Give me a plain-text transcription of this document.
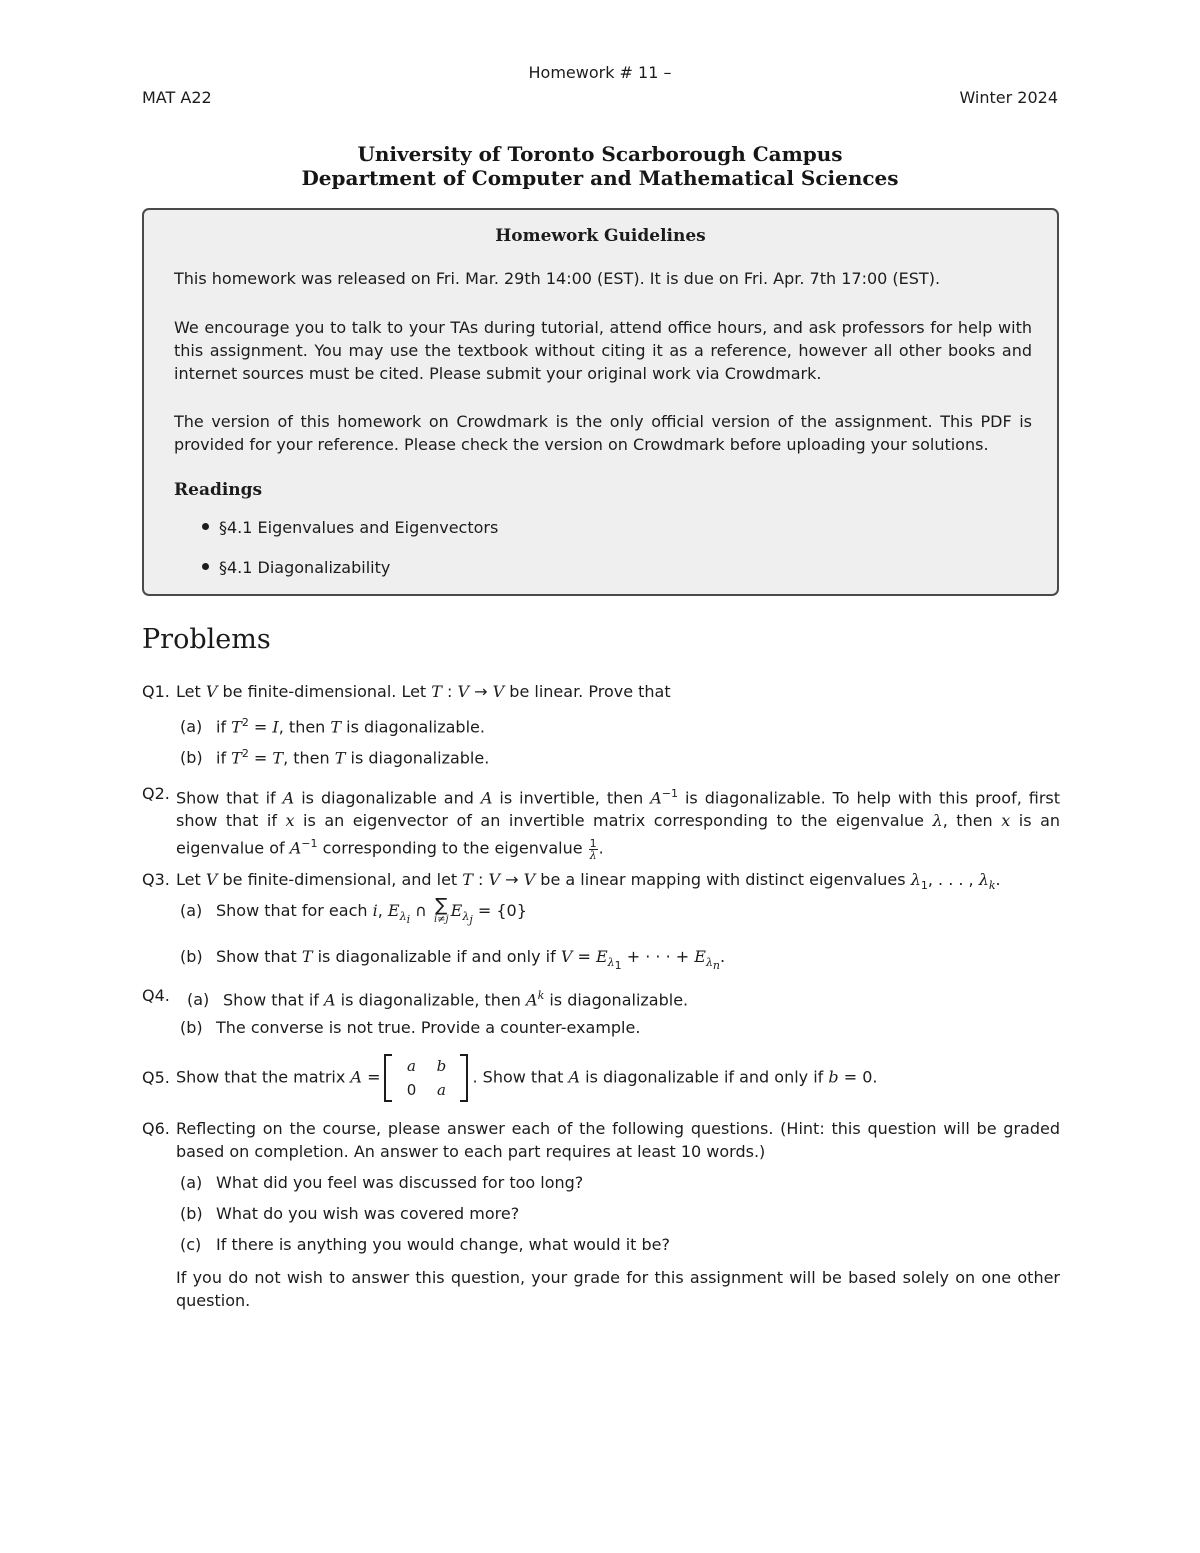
Homework # 11 –
MAT A22	Winter 2024
University of Toronto Scarborough Campus
Department of Computer and Mathematical Sciences
Homework Guidelines
This homework was released on Fri. Mar. 29th 14:00 (EST). It is due on Fri. Apr. 7th 17:00 (EST).
We encourage you to talk to your TAs during tutorial, attend office hours, and ask professors for help with this assignment. You may use the textbook without citing it as a reference, however all other books and internet sources must be cited. Please submit your original work via Crowdmark.
The version of this homework on Crowdmark is the only official version of the assignment. This PDF is provided for your reference. Please check the version on Crowdmark before uploading your solutions.
Readings
§4.1 Eigenvalues and Eigenvectors
§4.1 Diagonalizability
Problems
Q1. Let V be finite-dimensional. Let T : V → V be linear. Prove that
(a) if $T^2 = I$, then T is diagonalizable.
(b) if $T^2 = T$, then T is diagonalizable.
Q2. Show that if A is diagonalizable and A is invertible, then $A^{-1}$ is diagonalizable. To help with this proof, first show that if x is an eigenvector of an invertible matrix corresponding to the eigenvalue λ, then x is an eigenvalue of $A^{-1}$ corresponding to the eigenvalue $\frac{1}{\lambda}$ .
Q3. Let V be finite-dimensional, and let T : V → V be a linear mapping with distinct eigenvalues $\lambda_1$, . . . , $\lambda_k$.
(a) Show that for each i, $E_{\lambda_i}$ ∩ ∑
i≠j $E_{\lambda_j} = \{0\}$
(b) Show that T is diagonalizable if and only if $V = E_{\lambda_1}$ + · · · + $E_{\lambda_n}$.
Q4. (a) Show that if A is diagonalizable, then $A^k$ is diagonalizable.
(b) The converse is not true. Provide a counter-example.
Q5. Show that the matrix A =
a b
0 a
. Show that A is diagonalizable if and only if b = 0.
Q6. Reflecting on the course, please answer each of the following questions. (Hint: this question will be graded based on completion. An answer to each part requires at least 10 words.)
(a) What did you feel was discussed for too long?
(b) What do you wish was covered more?
(c) If there is anything you would change, what would it be?
If you do not wish to answer this question, your grade for this assignment will be based solely on one other question.
